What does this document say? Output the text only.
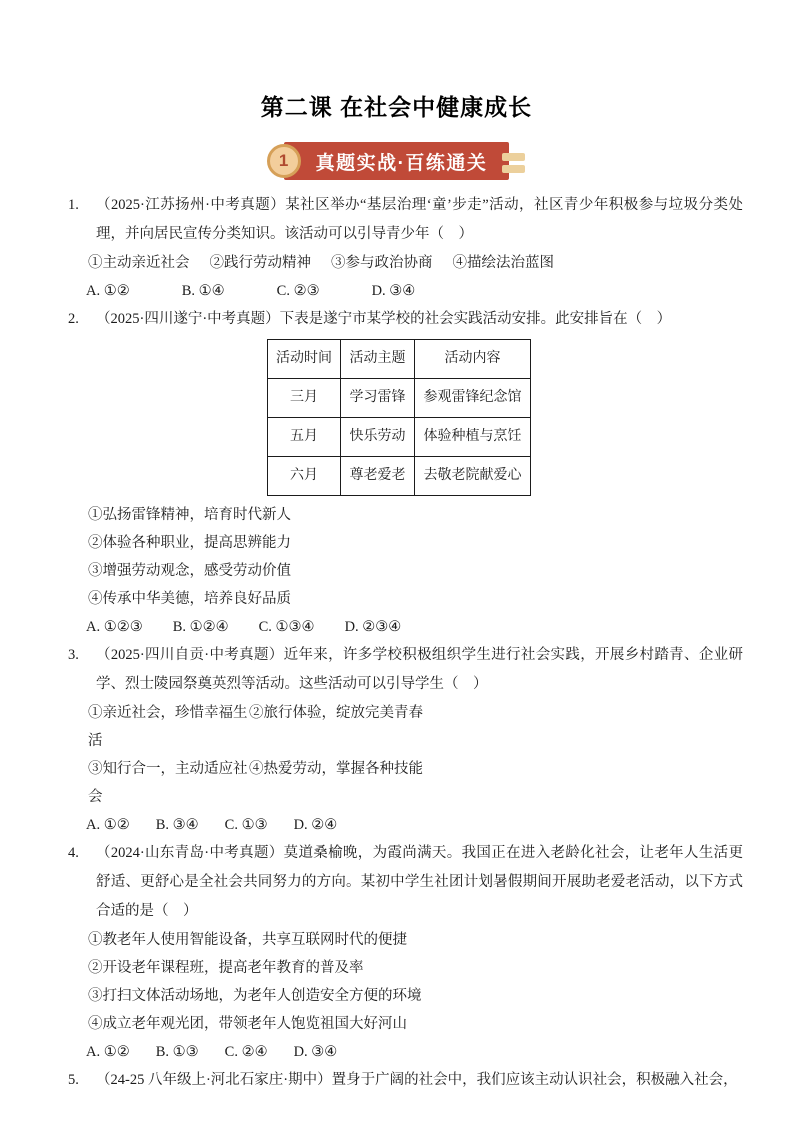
第二课 在社会中健康成长
1 真题实战·百练通关
1. （2025·江苏扬州·中考真题）某社区举办“基层治理‘童’步走”活动，社区青少年积极参与垃圾分类处理，并向居民宣传分类知识。该活动可以引导青少年（　）
①主动亲近社会 ②践行劳动精神 ③参与政治协商 ④描绘法治蓝图
A. ①②	B. ①④	C. ②③	D. ③④
2. （2025·四川遂宁·中考真题）下表是遂宁市某学校的社会实践活动安排。此安排旨在（　）
活动时间	活动主题	活动内容
三月	学习雷锋	参观雷锋纪念馆
五月	快乐劳动	体验种植与烹饪
六月	尊老爱老	去敬老院献爱心
①弘扬雷锋精神，培育时代新人
②体验各种职业，提高思辨能力
③增强劳动观念，感受劳动价值
④传承中华美德，培养良好品质
A. ①②③ B. ①②④ C. ①③④ D. ②③④
3. （2025·四川自贡·中考真题）近年来，许多学校积极组织学生进行社会实践，开展乡村踏青、企业研学、烈士陵园祭奠英烈等活动。这些活动可以引导学生（　）
①亲近社会，珍惜幸福生活
②旅行体验，绽放完美青春
③知行合一，主动适应社会
④热爱劳动，掌握各种技能
A. ①② B. ③④ C. ①③ D. ②④
4. （2024·山东青岛·中考真题）莫道桑榆晚，为霞尚满天。我国正在进入老龄化社会，让老年人生活更舒适、更舒心是全社会共同努力的方向。某初中学生社团计划暑假期间开展助老爱老活动，以下方式合适的是（　）
①教老年人使用智能设备，共享互联网时代的便捷
②开设老年课程班，提高老年教育的普及率
③打扫文体活动场地，为老年人创造安全方便的环境
④成立老年观光团，带领老年人饱览祖国大好河山
A. ①② B. ①③ C. ②④ D. ③④
5. （24-25 八年级上·河北石家庄·期中）置身于广阔的社会中，我们应该主动认识社会，积极融入社会，
